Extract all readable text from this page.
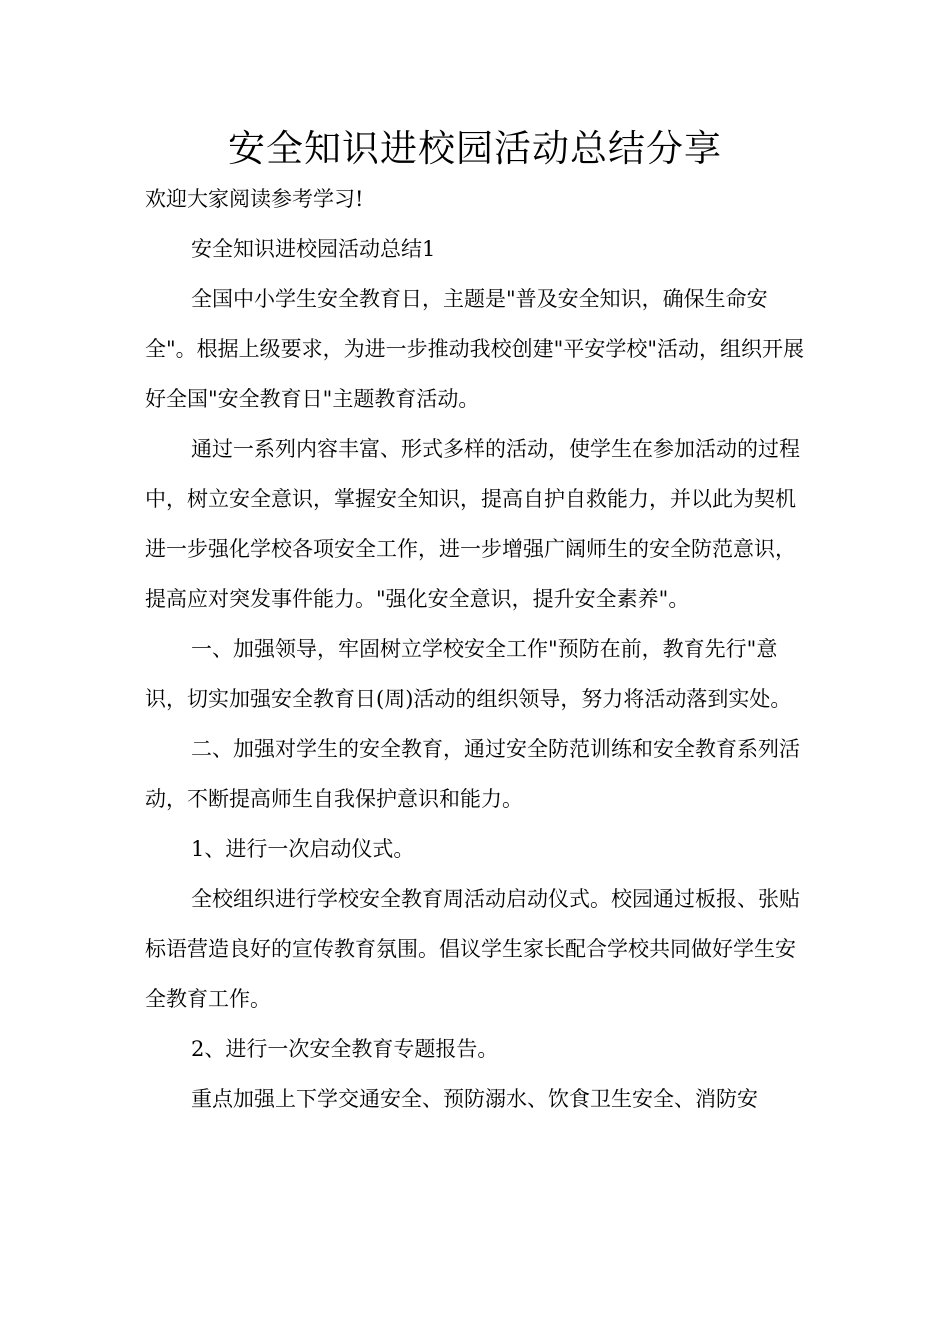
安全知识进校园活动总结分享

欢迎大家阅读参考学习!

安全知识进校园活动总结1

全国中小学生安全教育日，主题是"普及安全知识，确保生命安全"。根据上级要求，为进一步推动我校创建"平安学校"活动，组织开展好全国"安全教育日"主题教育活动。

通过一系列内容丰富、形式多样的活动，使学生在参加活动的过程中，树立安全意识，掌握安全知识，提高自护自救能力，并以此为契机进一步强化学校各项安全工作，进一步增强广阔师生的安全防范意识，提高应对突发事件能力。"强化安全意识，提升安全素养"。

一、加强领导，牢固树立学校安全工作"预防在前，教育先行"意识，切实加强安全教育日(周)活动的组织领导，努力将活动落到实处。

二、加强对学生的安全教育，通过安全防范训练和安全教育系列活动，不断提高师生自我保护意识和能力。

1、进行一次启动仪式。

全校组织进行学校安全教育周活动启动仪式。校园通过板报、张贴标语营造良好的宣传教育氛围。倡议学生家长配合学校共同做好学生安全教育工作。

2、进行一次安全教育专题报告。

重点加强上下学交通安全、预防溺水、饮食卫生安全、消防安
